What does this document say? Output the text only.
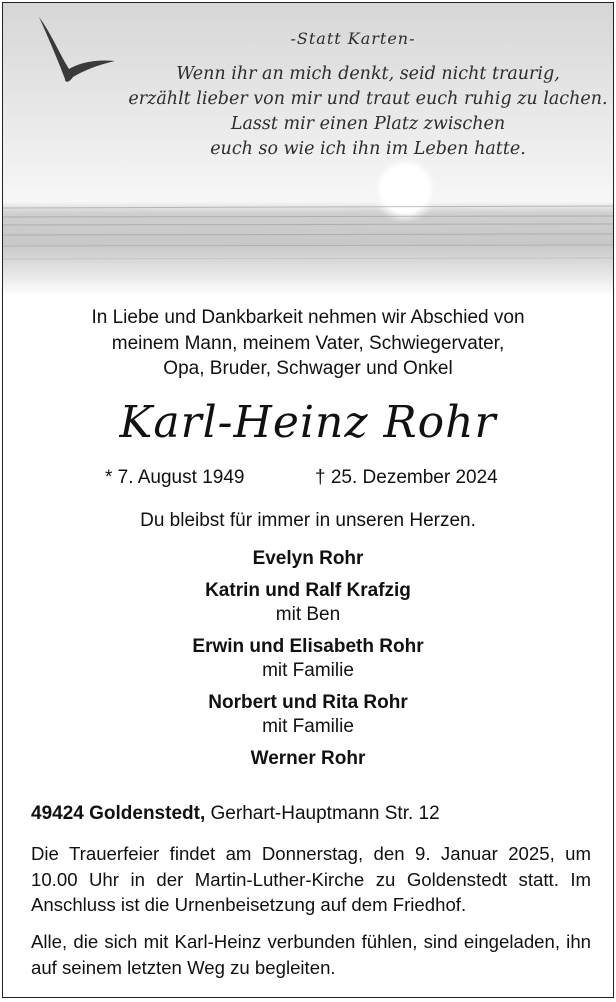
-Statt Karten-
Wenn ihr an mich denkt, seid nicht traurig,
erzählt lieber von mir und traut euch ruhig zu lachen.
Lasst mir einen Platz zwischen
euch so wie ich ihn im Leben hatte.
In Liebe und Dankbarkeit nehmen wir Abschied von
meinem Mann, meinem Vater, Schwiegervater,
Opa, Bruder, Schwager und Onkel
Karl-Heinz Rohr
* 7. August 1949	† 25. Dezember 2024
Du bleibst für immer in unseren Herzen.
Evelyn Rohr
Katrin und Ralf Krafzig
mit Ben
Erwin und Elisabeth Rohr
mit Familie
Norbert und Rita Rohr
mit Familie
Werner Rohr
49424 Goldenstedt, Gerhart-Hauptmann Str. 12
Die Trauerfeier findet am Donnerstag, den 9. Januar 2025, um 10.00 Uhr in der Martin-Luther-Kirche zu Goldenstedt statt. Im Anschluss ist die Urnenbeisetzung auf dem Friedhof.
Alle, die sich mit Karl-Heinz verbunden fühlen, sind eingeladen, ihn auf seinem letzten Weg zu begleiten.
